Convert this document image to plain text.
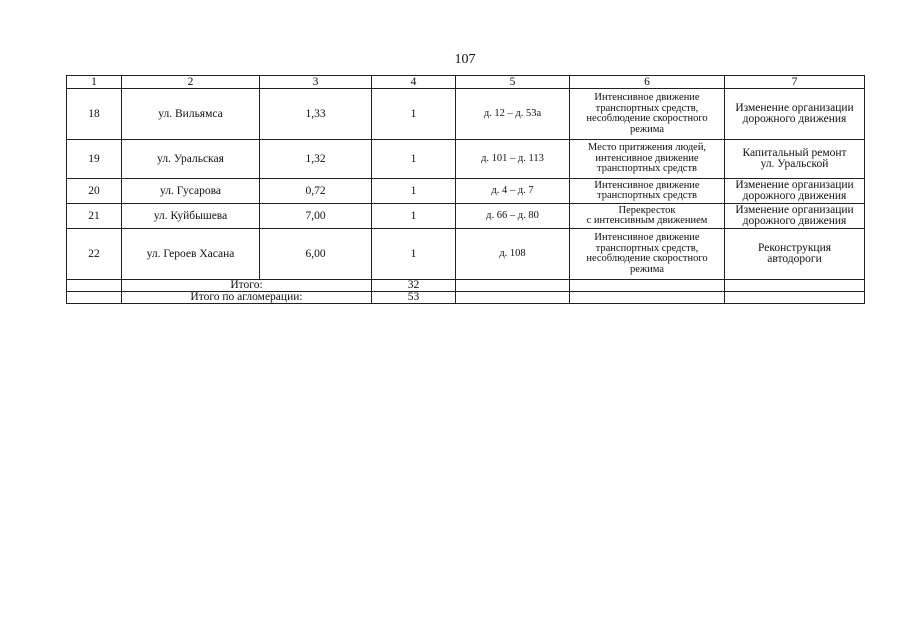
107
1	2	3	4	5	6	7
18	ул. Вильямса	1,33	1	д. 12 – д. 53а	Интенсивное движение
транспортных средств,
несоблюдение скоростного
режима	Изменение организации
дорожного движения

19	ул. Уральская	1,32	1	д. 101 – д. 113	Место притяжения людей,
интенсивное движение
транспортных средств	Капитальный ремонт
ул. Уральской

20	ул. Гусарова	0,72	1	д. 4 – д. 7	Интенсивное движение
транспортных средств	Изменение организации
дорожного движения

21	ул. Куйбышева	7,00	1	д. 66 – д. 80	Перекресток
с интенсивным движением	Изменение организации
дорожного движения

22	ул. Героев Хасана	6,00	1	д. 108	Интенсивное движение
транспортных средств,
несоблюдение скоростного
режима	Реконструкция
автодороги

	Итого:		32			
	Итого по агломерации:		53			
